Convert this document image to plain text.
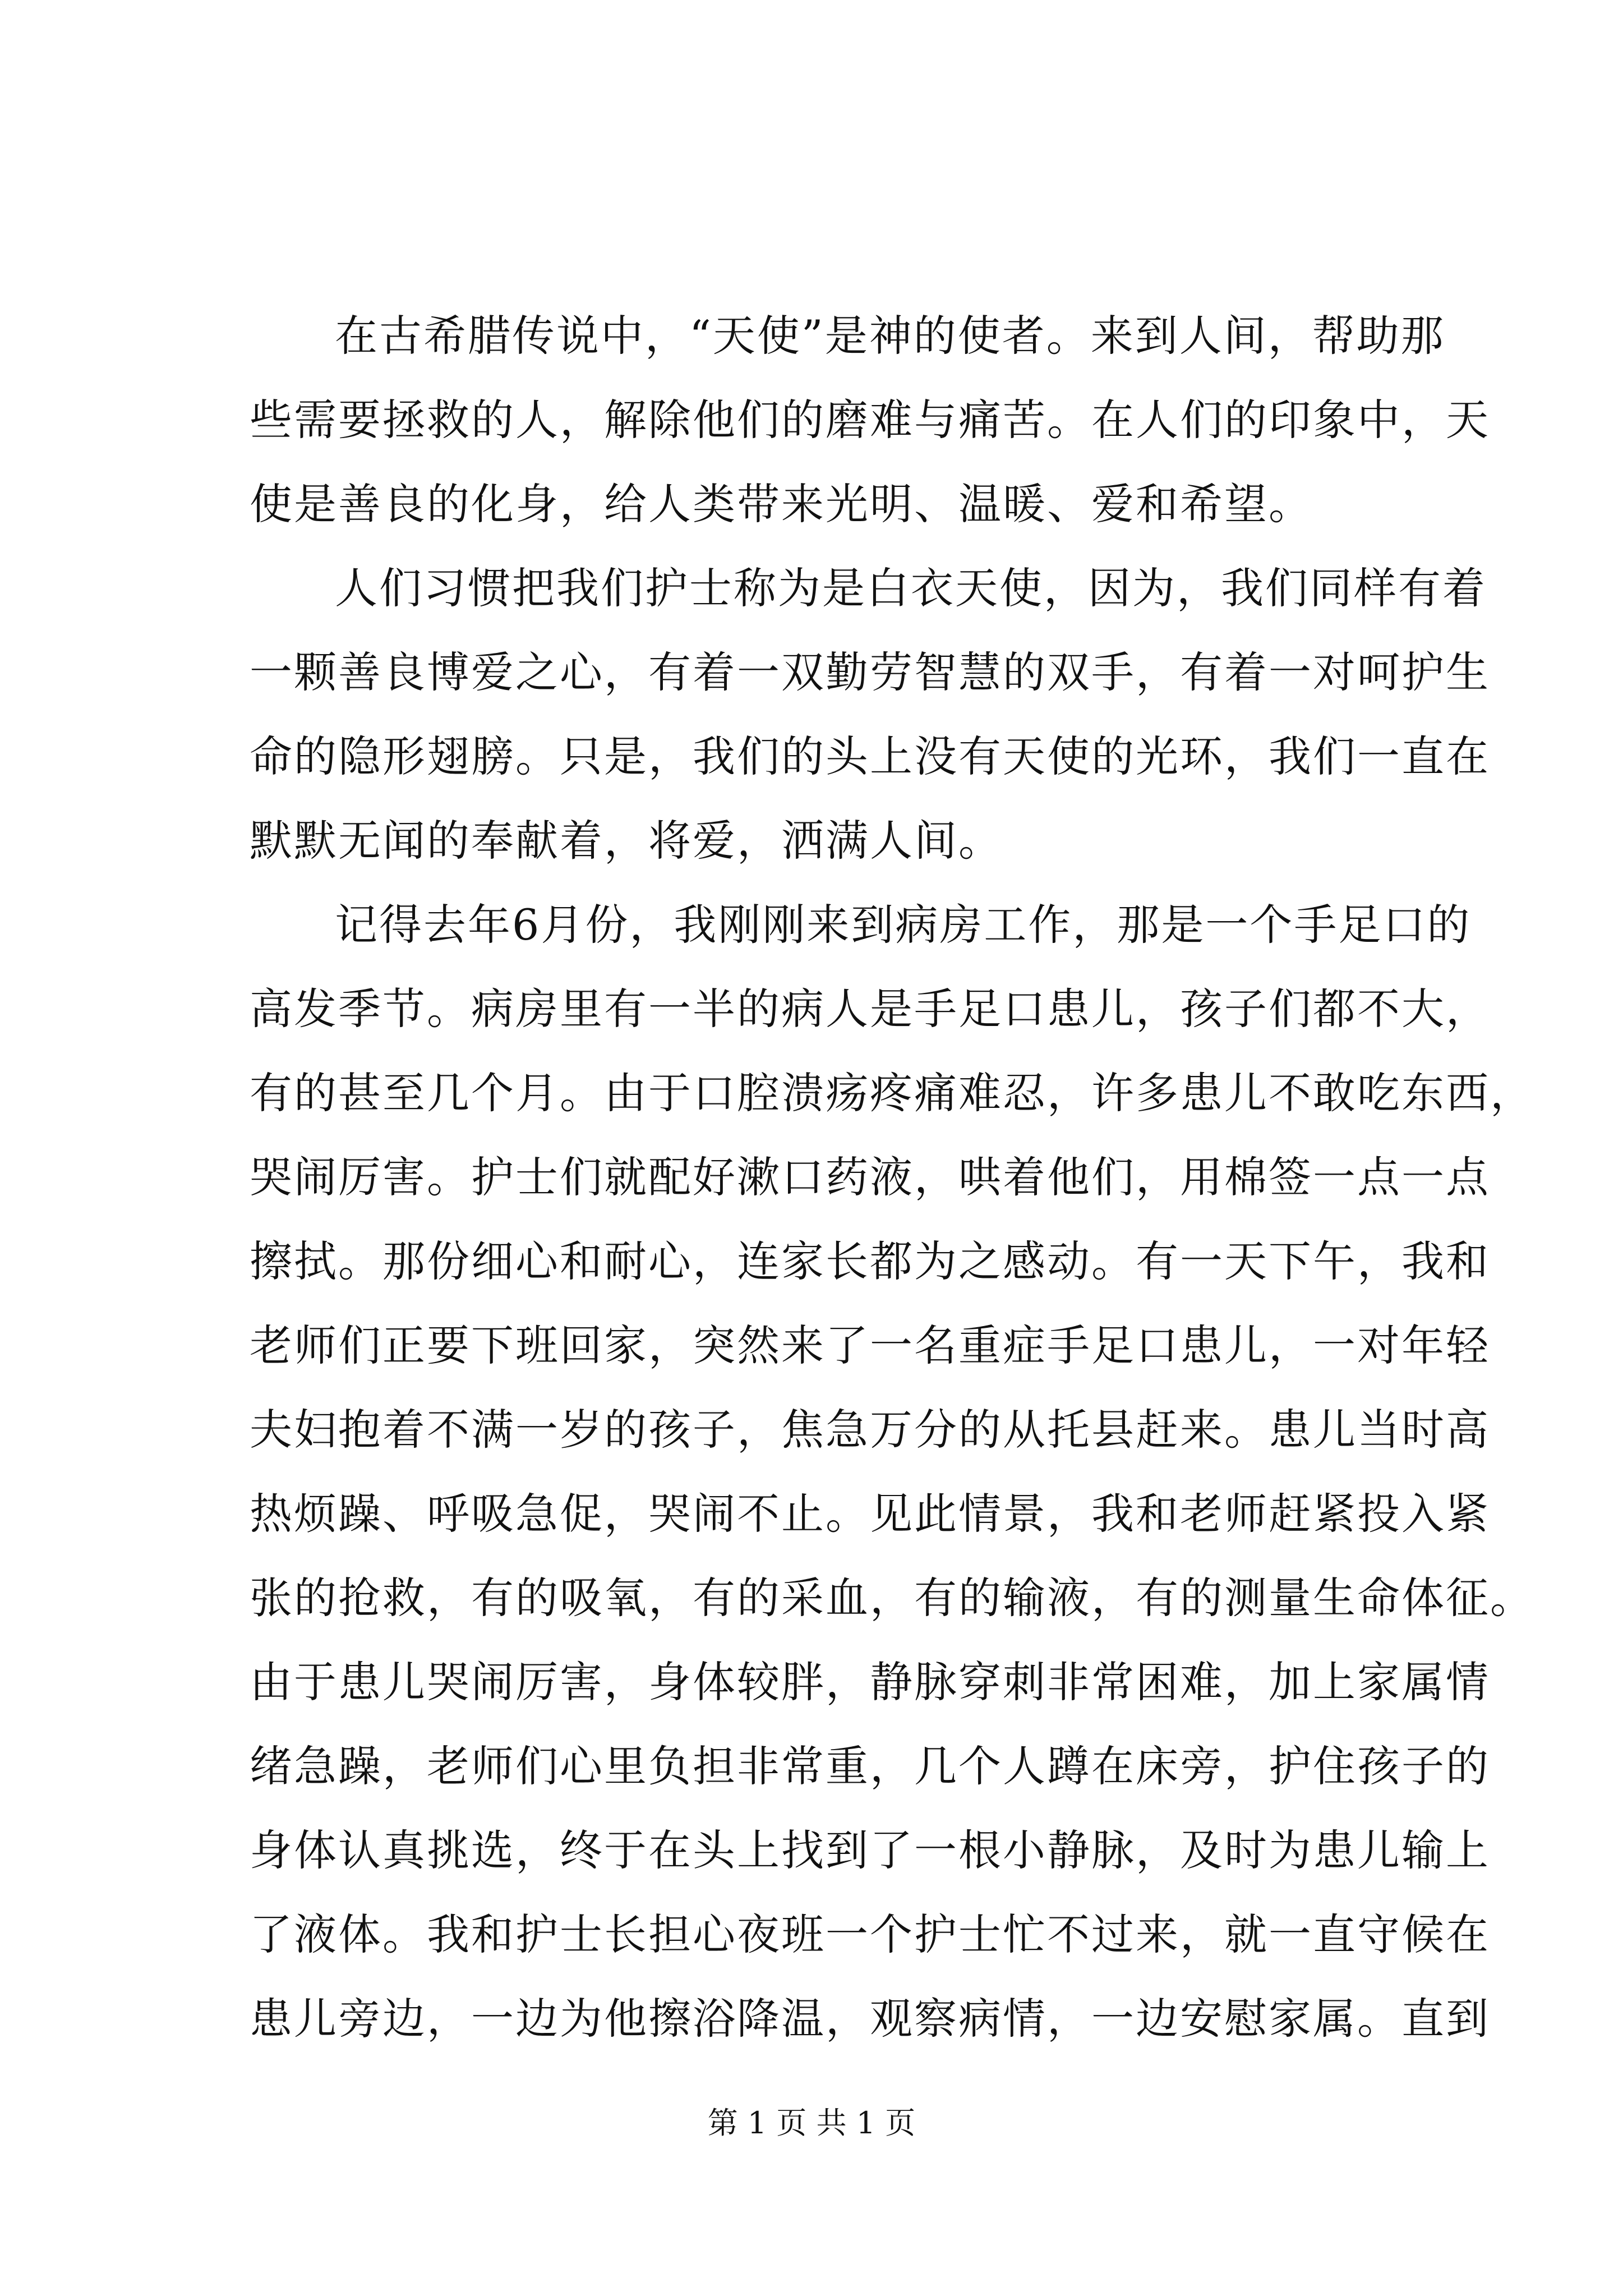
在古希腊传说中，“天使”是神的使者。来到人间，帮助那
些需要拯救的人，解除他们的磨难与痛苦。在人们的印象中，天
使是善良的化身，给人类带来光明、温暖、爱和希望。
人们习惯把我们护士称为是白衣天使，因为，我们同样有着
一颗善良博爱之心，有着一双勤劳智慧的双手，有着一对呵护生
命的隐形翅膀。只是，我们的头上没有天使的光环，我们一直在
默默无闻的奉献着，将爱，洒满人间。
记得去年6月份，我刚刚来到病房工作，那是一个手足口的
高发季节。病房里有一半的病人是手足口患儿，孩子们都不大，
有的甚至几个月。由于口腔溃疡疼痛难忍，许多患儿不敢吃东西，
哭闹厉害。护士们就配好漱口药液，哄着他们，用棉签一点一点
擦拭。那份细心和耐心，连家长都为之感动。有一天下午，我和
老师们正要下班回家，突然来了一名重症手足口患儿，一对年轻
夫妇抱着不满一岁的孩子，焦急万分的从托县赶来。患儿当时高
热烦躁、呼吸急促，哭闹不止。见此情景，我和老师赶紧投入紧
张的抢救，有的吸氧，有的采血，有的输液，有的测量生命体征。
由于患儿哭闹厉害，身体较胖，静脉穿刺非常困难，加上家属情
绪急躁，老师们心里负担非常重，几个人蹲在床旁，护住孩子的
身体认真挑选，终于在头上找到了一根小静脉，及时为患儿输上
了液体。我和护士长担心夜班一个护士忙不过来，就一直守候在
患儿旁边，一边为他擦浴降温，观察病情，一边安慰家属。直到
第 1 页 共 1 页
